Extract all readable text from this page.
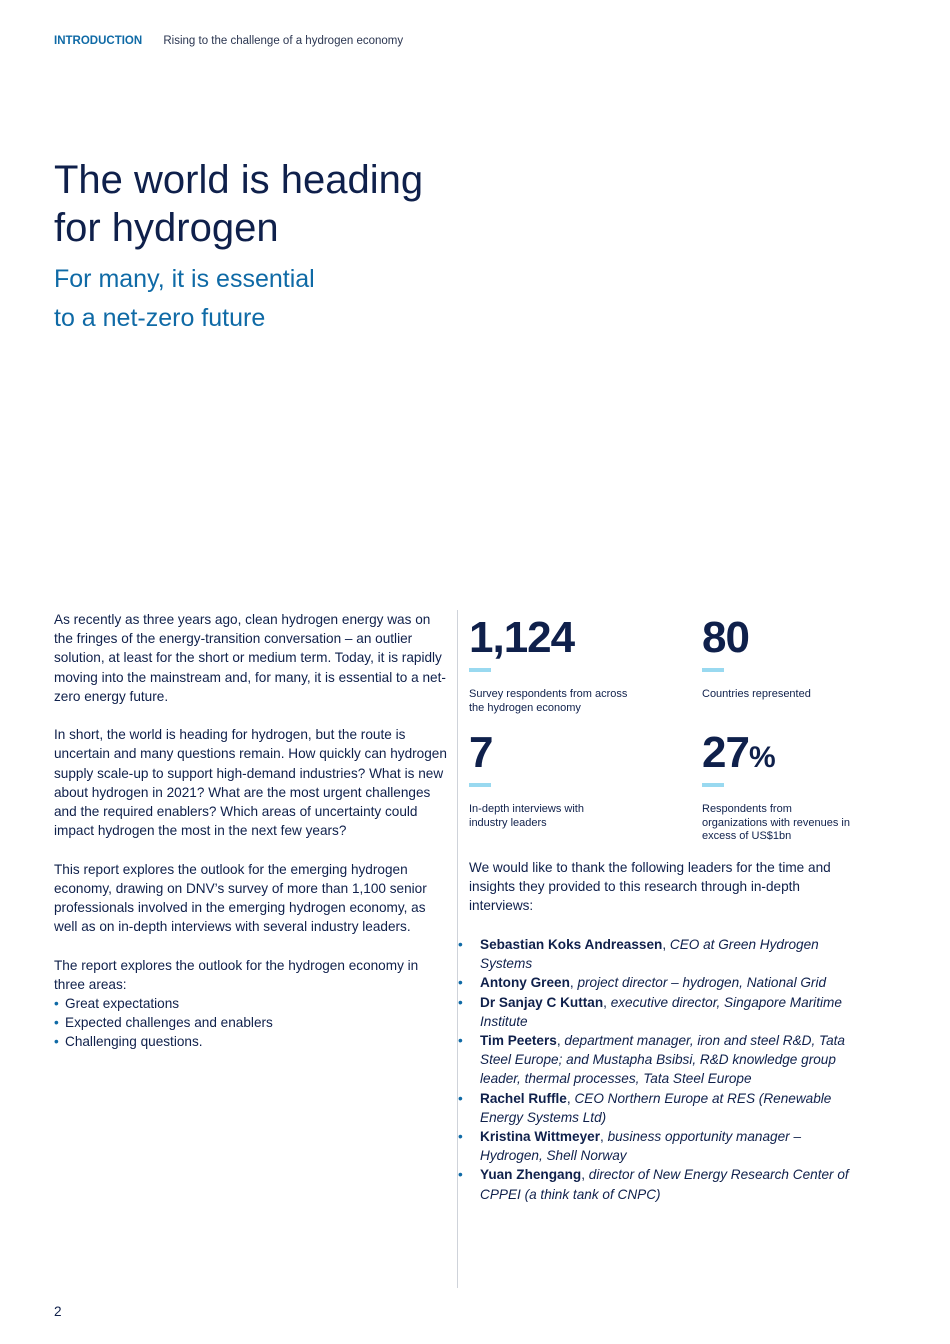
INTRODUCTION Rising to the challenge of a hydrogen economy
The world is heading
for hydrogen
For many, it is essential
to a net-zero future

As recently as three years ago, clean hydrogen energy was on the fringes of the energy-transition conversation – an outlier solution, at least for the short or medium term. Today, it is rapidly moving into the mainstream and, for many, it is essential to a net-zero energy future.

In short, the world is heading for hydrogen, but the route is uncertain and many questions remain. How quickly can hydrogen supply scale-up to support high-demand industries? What is new about hydrogen in 2021? What are the most urgent challenges and the required enablers? Which areas of uncertainty could impact hydrogen the most in the next few years?

This report explores the outlook for the emerging hydrogen economy, drawing on DNV’s survey of more than 1,100 senior professionals involved in the emerging hydrogen economy, as well as on in-depth interviews with several industry leaders.

The report explores the outlook for the hydrogen economy in three areas:

• Great expectations
• Expected challenges and enablers
• Challenging questions.
1,124
Survey respondents from across the hydrogen economy
80
Countries represented
7
In-depth interviews with industry leaders
27%
Respondents from organizations with revenues in excess of US$1bn

We would like to thank the following leaders for the time and insights they provided to this research through in-depth interviews:

• Sebastian Koks Andreassen, CEO at Green Hydrogen Systems
• Antony Green, project director – hydrogen, National Grid
• Dr Sanjay C Kuttan, executive director, Singapore Maritime Institute
• Tim Peeters, department manager, iron and steel R&D, Tata Steel Europe; and Mustapha Bsibsi, R&D knowledge group leader, thermal processes, Tata Steel Europe
• Rachel Ruffle, CEO Northern Europe at RES (Renewable Energy Systems Ltd)
• Kristina Wittmeyer, business opportunity manager – Hydrogen, Shell Norway
• Yuan Zhengang, director of New Energy Research Center of CPPEI (a think tank of CNPC)
2
